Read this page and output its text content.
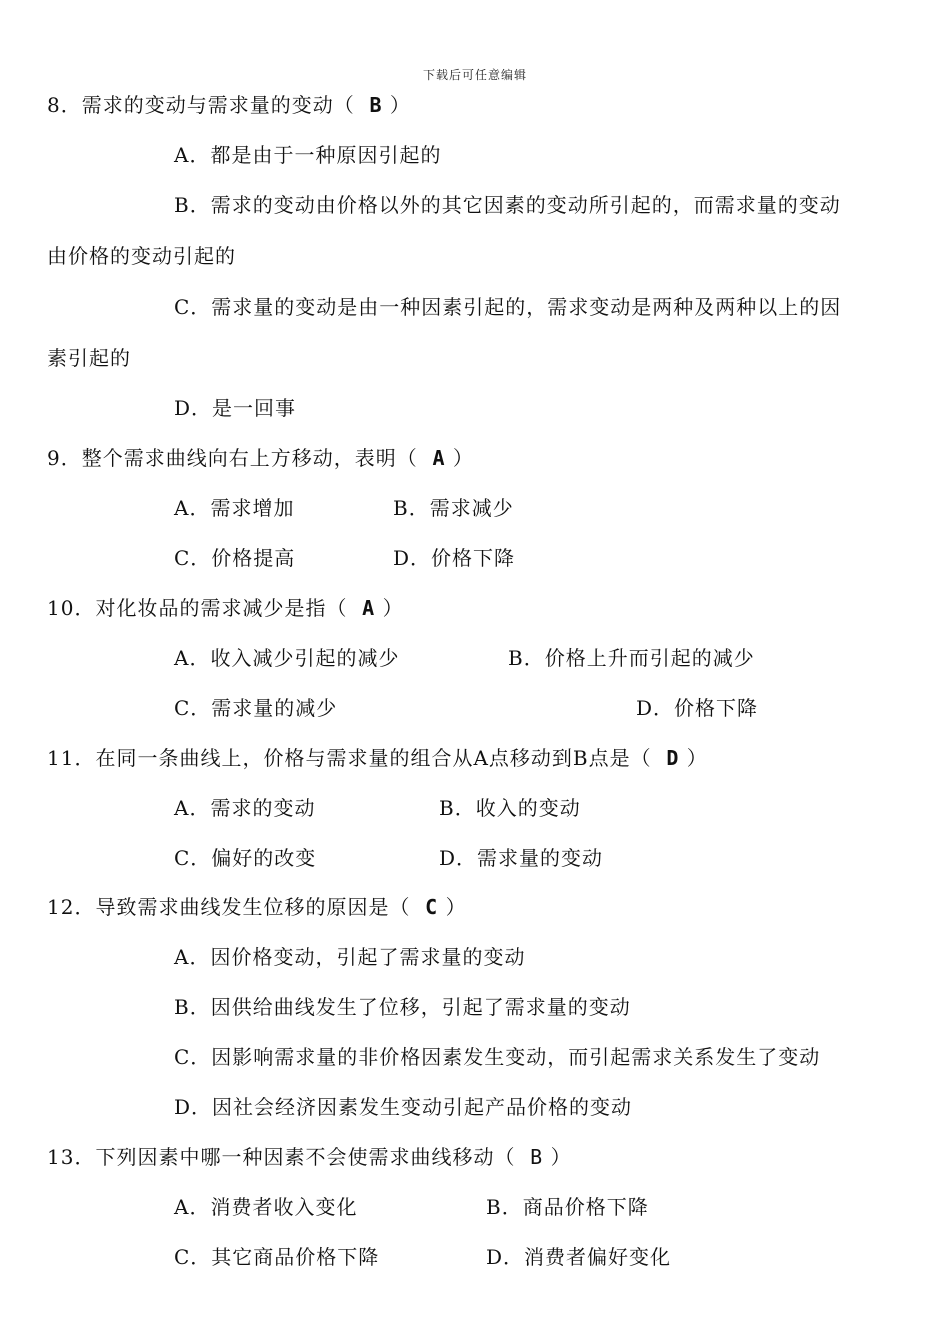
下载后可任意编辑
8．需求的变动与需求量的变动（ B ）
A．都是由于一种原因引起的
B．需求的变动由价格以外的其它因素的变动所引起的，而需求量的变动
由价格的变动引起的
C．需求量的变动是由一种因素引起的，需求变动是两种及两种以上的因
素引起的
D．是一回事
9．整个需求曲线向右上方移动，表明（ A ）
A．需求增加	B．需求减少
C．价格提高	D．价格下降
10．对化妆品的需求减少是指（ A ）
A．收入减少引起的减少	B．价格上升而引起的减少
C．需求量的减少	D．价格下降
11．在同一条曲线上，价格与需求量的组合从A点移动到B点是（ D ）
A．需求的变动	B．收入的变动
C．偏好的改变	D．需求量的变动
12．导致需求曲线发生位移的原因是（ C ）
A．因价格变动，引起了需求量的变动
B．因供给曲线发生了位移，引起了需求量的变动
C．因影响需求量的非价格因素发生变动，而引起需求关系发生了变动
D．因社会经济因素发生变动引起产品价格的变动
13．下列因素中哪一种因素不会使需求曲线移动（ B ）
A．消费者收入变化	B．商品价格下降
C．其它商品价格下降	D．消费者偏好变化
